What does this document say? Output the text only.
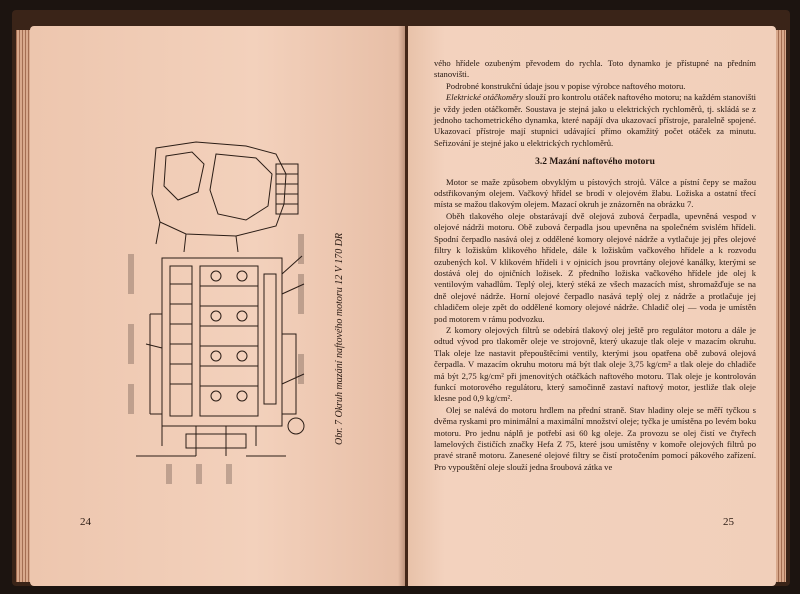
Obr. 7 Okruh mazání naftového motoru 12 V 170 DR
24

vého hřídele ozubeným převodem do rychla. Toto dynamko je přístupné na předním stanovišti.

Podrobné konstrukční údaje jsou v popise výrobce naftového motoru.

Elektrické otáčkoměry slouží pro kontrolu otáček naftového motoru; na každém stanovišti je vždy jeden otáčkoměr. Soustava je stejná jako u elektrických rychloměrů, tj. skládá se z jednoho tachometrického dynamka, které napájí dva ukazovací přístroje, paralelně spojené. Ukazovací přístroje mají stupnici udávající přímo okamžitý počet otáček za minutu. Seřizování je stejné jako u elektrických rychloměrů.

3.2 Mazání naftového motoru

Motor se maže způsobem obvyklým u pístových strojů. Válce a pístní čepy se mažou odstřikovaným olejem. Vačkový hřídel se brodí v olejovém žlabu. Ložiska a ostatní třecí místa se mažou tlakovým olejem. Mazací okruh je znázorněn na obrázku 7.

Oběh tlakového oleje obstarávají dvě olejová zubová čerpadla, upevněná vespod v olejové nádrži motoru. Obě zubová čerpadla jsou upevněna na společném svislém hřídeli. Spodní čerpadlo nasává olej z oddělené komory olejové nádrže a vytlačuje jej přes olejové filtry k ložiskům klikového hřídele, dále k ložiskům vačkového hřídele a k rozvodu ozubených kol. V klikovém hřídeli i v ojnicích jsou provrtány olejové kanálky, kterými se dostává olej do ojničních ložisek. Z předního ložiska vačkového hřídele jde olej k ventilovým vahadlům. Teplý olej, který stéká ze všech mazacích míst, shromažďuje se na dně olejové nádrže. Horní olejové čerpadlo nasává teplý olej z nádrže a protlačuje jej chladičem oleje zpět do oddělené komory olejové nádrže. Chladič olej — voda je umístěn pod motorem v rámu podvozku.

Z komory olejových filtrů se odebírá tlakový olej ještě pro regulátor motoru a dále je odtud vývod pro tlakoměr oleje ve strojovně, který ukazuje tlak oleje v mazacím okruhu. Tlak oleje lze nastavit přepouštěcími ventily, kterými jsou opatřena obě zubová olejová čerpadla. V mazacím okruhu motoru má být tlak oleje 3,75 kg/cm² a tlak oleje do chladiče má být 2,75 kg/cm² při jmenovitých otáčkách naftového motoru. Tlak oleje je kontrolován funkcí motorového regulátoru, který samočinně zastaví naftový motor, jestliže tlak oleje klesne pod 0,9 kg/cm².

Olej se nalévá do motoru hrdlem na přední straně. Stav hladiny oleje se měří tyčkou s dvěma ryskami pro minimální a maximální množství oleje; tyčka je umístěna po levém boku motoru. Pro jednu náplň je potřebí asi 60 kg oleje. Za provozu se olej čistí ve čtyřech lamelových čističích značky Hefa Z 75, které jsou umístěny v komoře olejových filtrů po pravé straně motoru. Zanesené olejové filtry se čistí protočením pomocí pákového zařízení. Pro vypouštění oleje slouží jedna šroubová zátka ve

25
